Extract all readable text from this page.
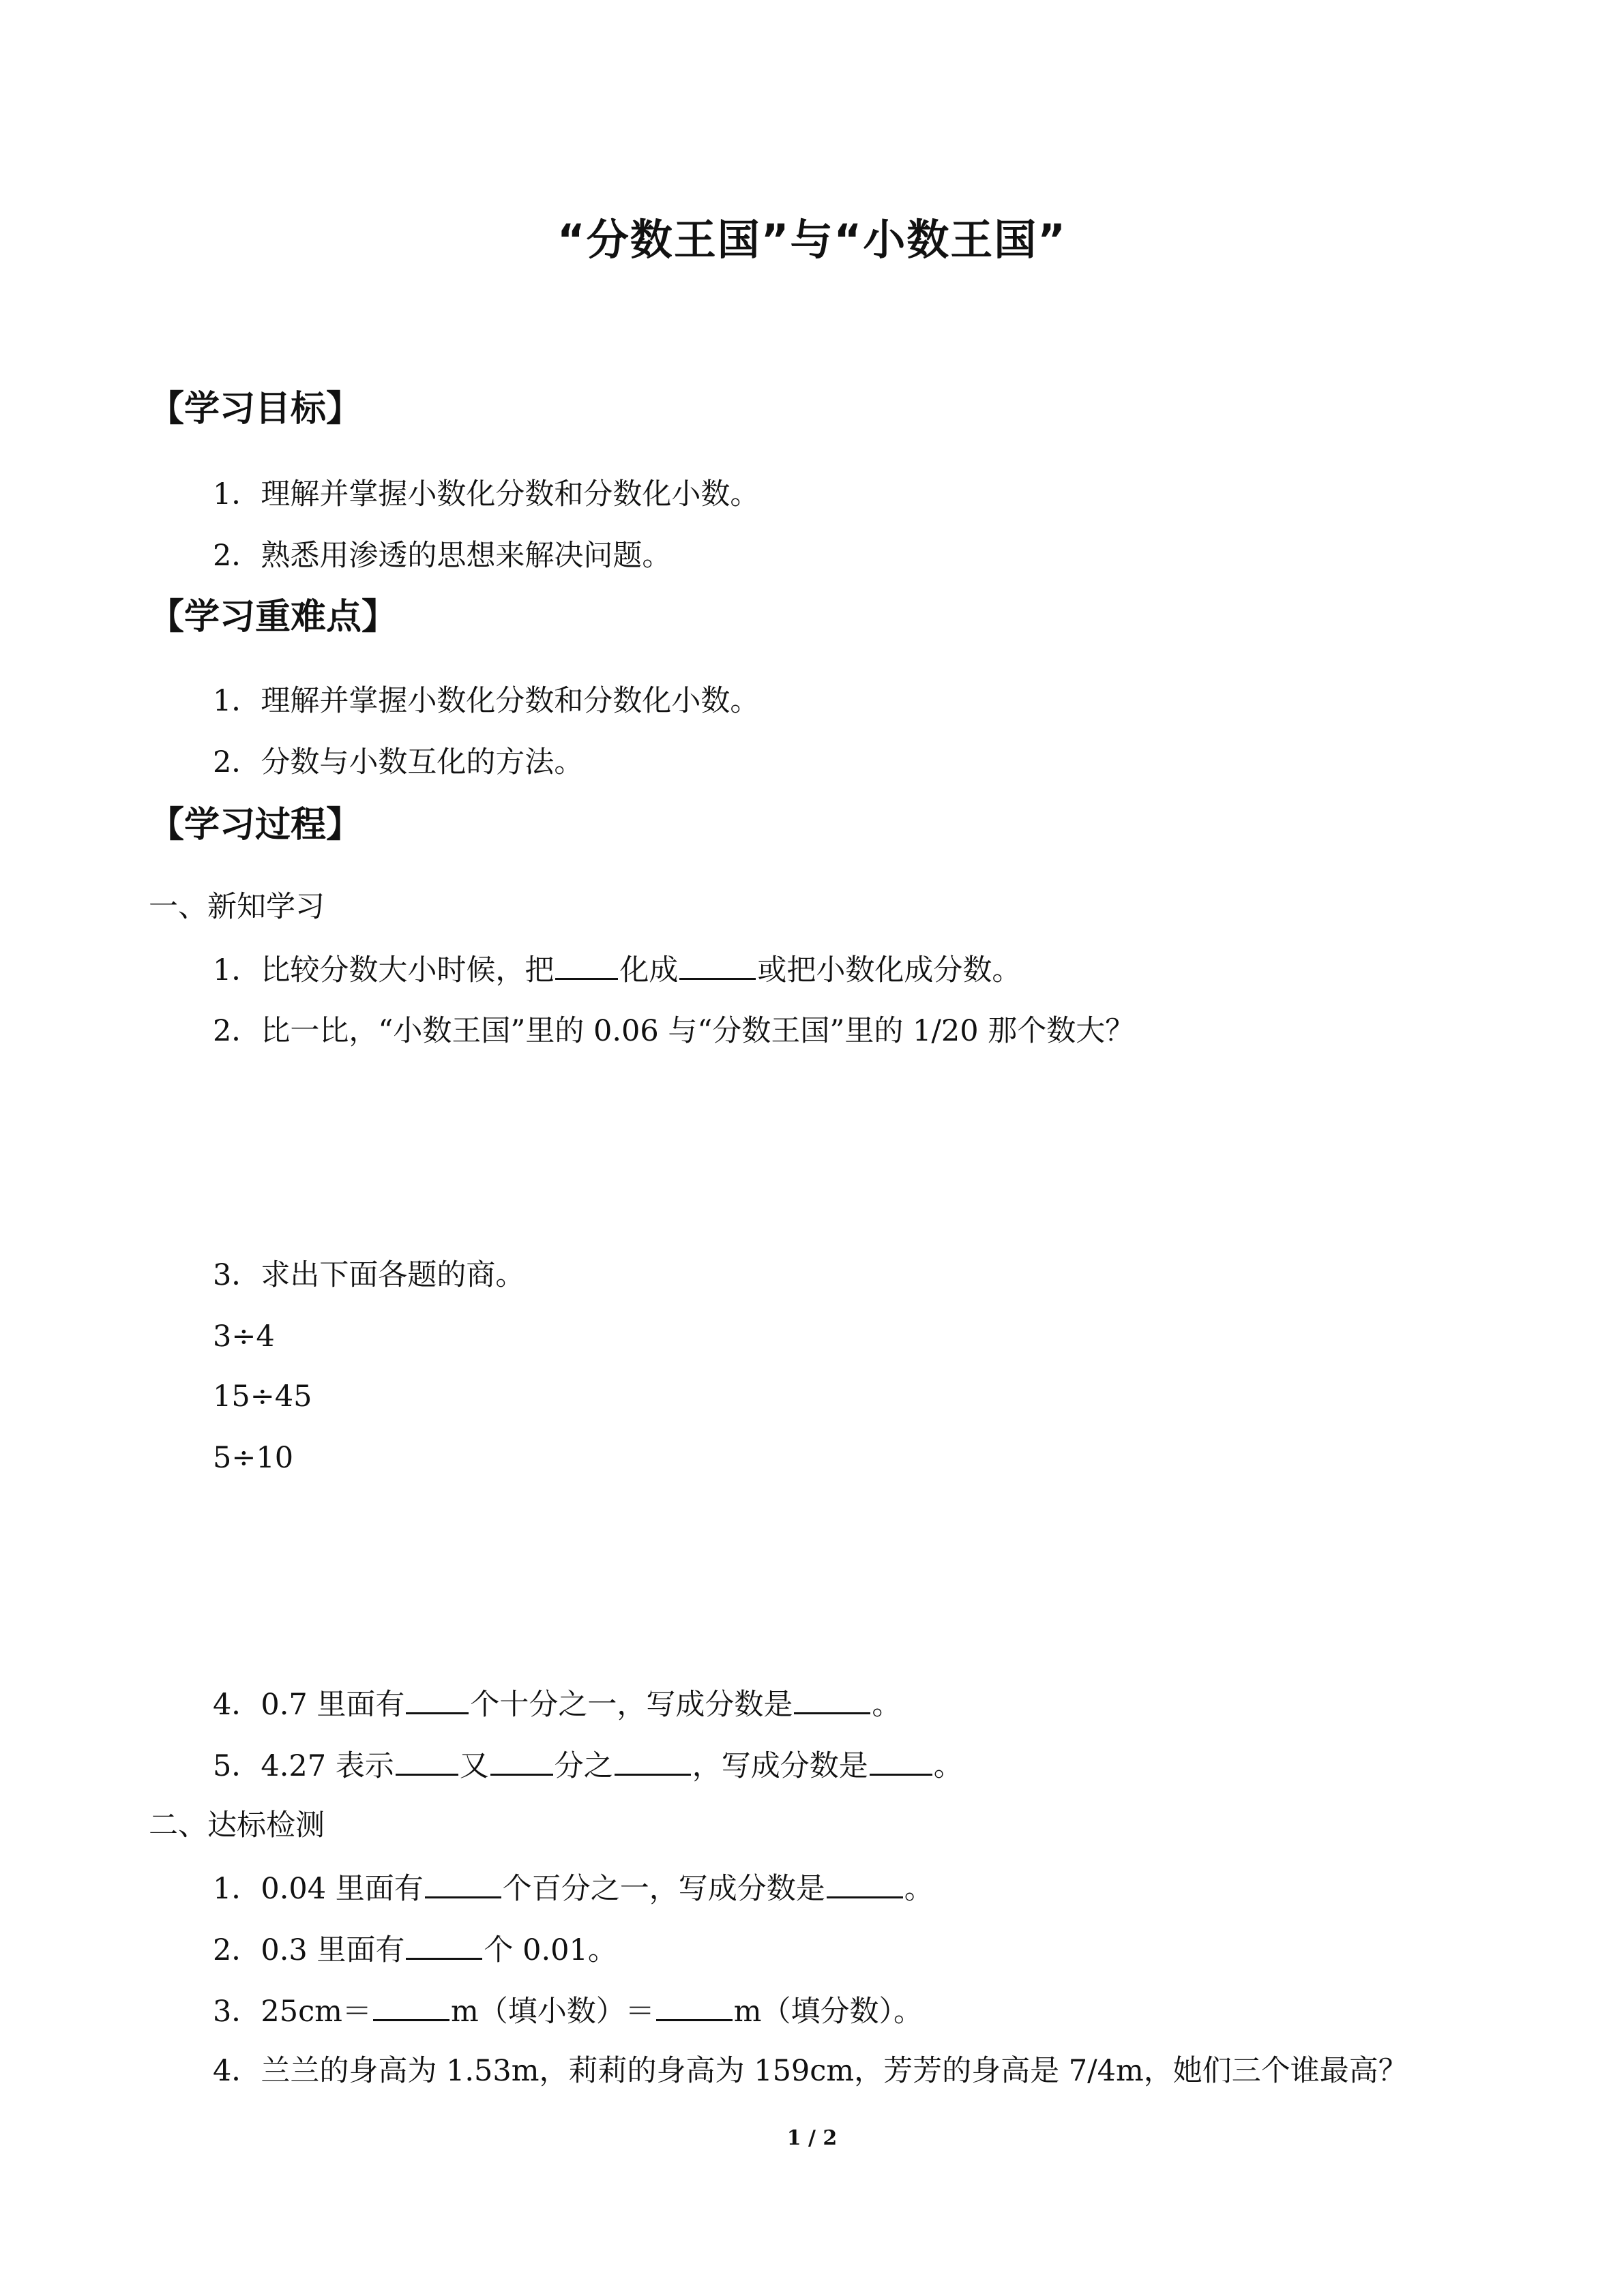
“分数王国”与“小数王国”
【学习目标】
1．理解并掌握小数化分数和分数化小数。
2．熟悉用渗透的思想来解决问题。
【学习重难点】
1．理解并掌握小数化分数和分数化小数。
2．分数与小数互化的方法。
【学习过程】
一、新知学习
1．比较分数大小时候，把 化成	或把小数化成分数。
2．比一比，“小数王国”里的 0.06 与“分数王国”里的 1/20 那个数大？
3．求出下面各题的商。
3÷4
15÷45
5÷10
4．0.7 里面有 个十分之一，写成分数是	。
5．4.27 表示 又 分之	，写成分数是 。
二、达标检测
1．0.04 里面有	个百分之一，写成分数是	。
2．0.3 里面有	个 0.01。
3．25cm＝	m（填小数）＝	m（填分数）。
4．兰兰的身高为 1.53m，莉莉的身高为 159cm，芳芳的身高是 7/4m，她们三个谁最高？
1 / 2
